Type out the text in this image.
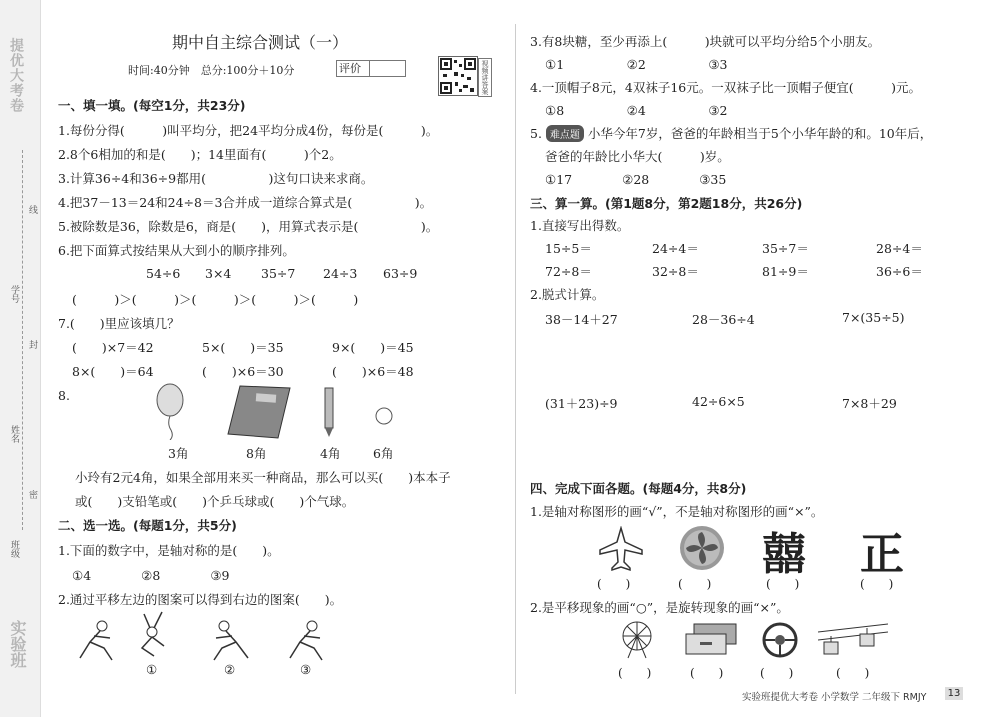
提优大考卷
实验班
线
学号
封
姓名
密
班级
期中自主综合测试（一）
时间:40分钟　总分:100分＋10分	评价	视频讲答案
一、填一填。(每空1分，共23分)
1.每份分得(　　　)叫平均分，把24平均分成4份，每份是(　　　)。
2.8个6相加的和是(　　)；14里面有(　　　)个2。
3.计算36÷4和36÷9都用(　　　　　)这句口诀来求商。
4.把37－13＝24和24÷8＝3合并成一道综合算式是(　　　　　)。
5.被除数是36，除数是6，商是(　　)，用算式表示是(　　　　　)。
6.把下面算式按结果从大到小的顺序排列。
54÷6 3×4 35÷7 24÷3 63÷9
(　　　)＞(　　　)＞(　　　)＞(　　　)＞(　　　)
7.(　　)里应该填几？
(　　)×7＝42	5×(　　)＝35	9×(　　)＝45
8×(　　)＝64	(　　)×6＝30	(　　)×6＝48
8.
3角	8角	4角	6角
小玲有2元4角，如果全部用来买一种商品，那么可以买(　　)本本子
或(　　)支铅笔或(　　)个乒乓球或(　　)个气球。
二、选一选。(每题1分，共5分)
1.下面的数字中，是轴对称的是(　　)。
①4　　　　②8　　　　③9
2.通过平移左边的图案可以得到右边的图案(　　)。
①	②	③
3.有8块糖，至少再添上(　　　)块就可以平均分给5个小朋友。
①1　　　　　②2　　　　　③3
4.一顶帽子8元，4双袜子16元。一双袜子比一顶帽子便宜(　　　)元。
①8　　　　　②4　　　　　③2
5. 难点题 小华今年7岁，爸爸的年龄相当于5个小华年龄的和。10年后，
爸爸的年龄比小华大(　　　)岁。
①17　　　　②28　　　　③35
三、算一算。(第1题8分，第2题18分，共26分)
1.直接写出得数。
15÷5＝	24÷4＝	35÷7＝	28÷4＝
72÷8＝	32÷8＝	81÷9＝	36÷6＝
2.脱式计算。
38－14＋27	28－36÷4	7×(35÷5)
(31＋23)÷9	42÷6×5	7×8＋29
四、完成下面各题。(每题4分，共8分)
1.是轴对称图形的画“√”，不是轴对称图形的画“×”。
囍 正
(　　)	(　　)	(　　)	(　　)
2.是平移现象的画“○”，是旋转现象的画“×”。
(　　)	(　　)	(　　)	(　　)
实验班提优大考卷 小学数学 二年级下 RMJY 13
